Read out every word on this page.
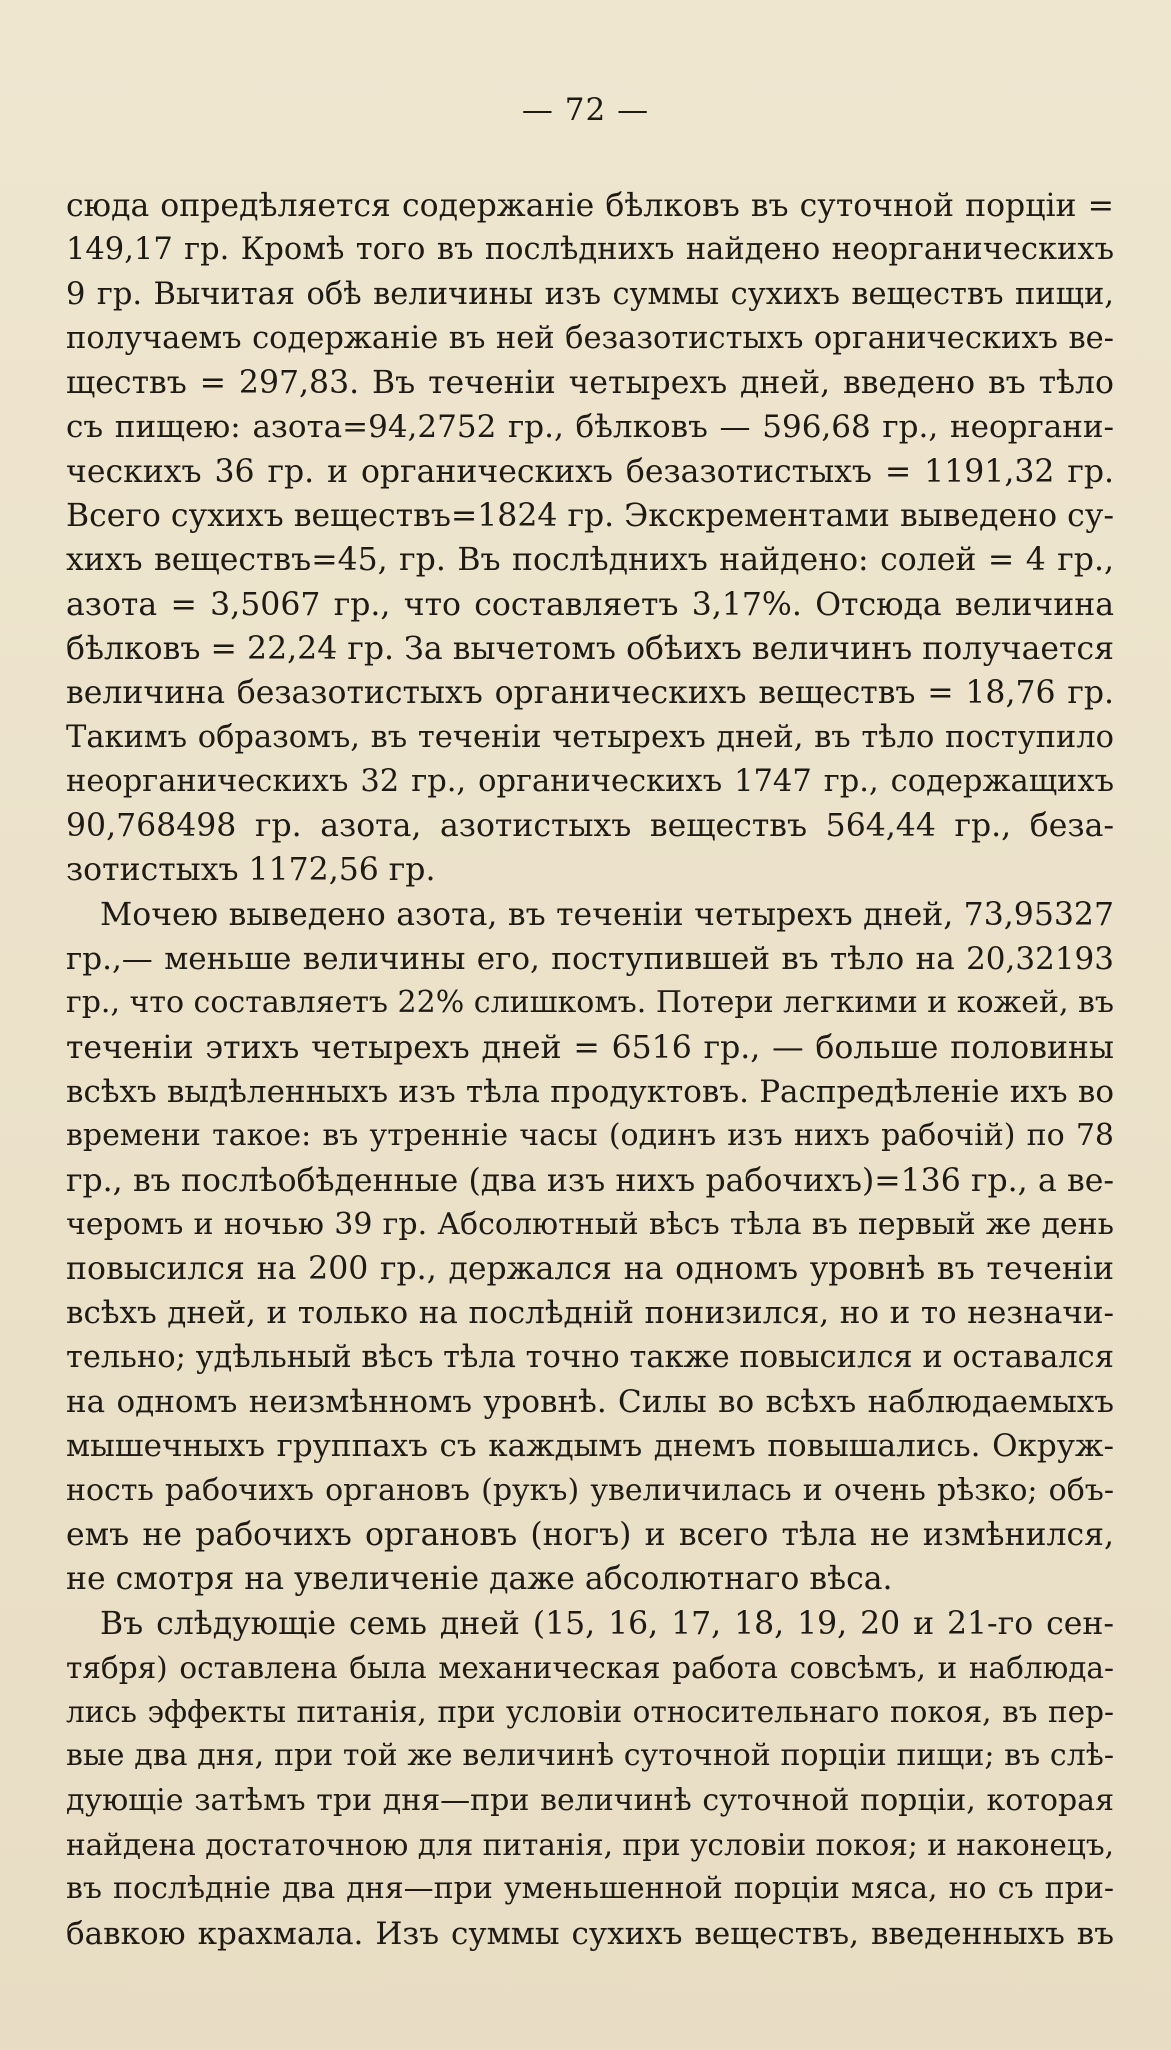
— 72 —
сюда опредѣляется содержаніе бѣлковъ въ суточной порціи =
149,17 гр. Кромѣ того въ послѣднихъ найдено неорганическихъ
9 гр. Вычитая обѣ величины изъ суммы сухихъ веществъ пищи,
получаемъ содержаніе въ ней безазотистыхъ органическихъ ве-
ществъ = 297,83. Въ теченіи четырехъ дней, введено въ тѣло
съ пищею: азота=94,2752 гр., бѣлковъ — 596,68 гр., неоргани-
ческихъ 36 гр. и органическихъ безазотистыхъ = 1191,32 гр.
Всего сухихъ веществъ=1824 гр. Экскрементами выведено су-
хихъ веществъ=45, гр. Въ послѣднихъ найдено: солей = 4 гр.,
азота = 3,5067 гр., что составляетъ 3,17%. Отсюда величина
бѣлковъ = 22,24 гр. За вычетомъ обѣихъ величинъ получается
величина безазотистыхъ органическихъ веществъ = 18,76 гр.
Такимъ образомъ, въ теченіи четырехъ дней, въ тѣло поступило
неорганическихъ 32 гр., органическихъ 1747 гр., содержащихъ
90,768498 гр. азота, азотистыхъ веществъ 564,44 гр., беза-
зотистыхъ 1172,56 гр.
Мочею выведено азота, въ теченіи четырехъ дней, 73,95327
гр.,— меньше величины его, поступившей въ тѣло на 20,32193
гр., что составляетъ 22% слишкомъ. Потери легкими и кожей, въ
теченіи этихъ четырехъ дней = 6516 гр., — больше половины
всѣхъ выдѣленныхъ изъ тѣла продуктовъ. Распредѣленіе ихъ во
времени такое: въ утренніе часы (одинъ изъ нихъ рабочій) по 78
гр., въ послѣобѣденные (два изъ нихъ рабочихъ)=136 гр., а ве-
черомъ и ночью 39 гр. Абсолютный вѣсъ тѣла въ первый же день
повысился на 200 гр., держался на одномъ уровнѣ въ теченіи
всѣхъ дней, и только на послѣдній понизился, но и то незначи-
тельно; удѣльный вѣсъ тѣла точно также повысился и оставался
на одномъ неизмѣнномъ уровнѣ. Силы во всѣхъ наблюдаемыхъ
мышечныхъ группахъ съ каждымъ днемъ повышались. Окруж-
ность рабочихъ органовъ (рукъ) увеличилась и очень рѣзко; объ-
емъ не рабочихъ органовъ (ногъ) и всего тѣла не измѣнился,
не смотря на увеличеніе даже абсолютнаго вѣса.
Въ слѣдующіе семь дней (15, 16, 17, 18, 19, 20 и 21-го сен-
тября) оставлена была механическая работа совсѣмъ, и наблюда-
лись эффекты питанія, при условіи относительнаго покоя, въ пер-
вые два дня, при той же величинѣ суточной порціи пищи; въ слѣ-
дующіе затѣмъ три дня—при величинѣ суточной порціи, которая
найдена достаточною для питанія, при условіи покоя; и наконецъ,
въ послѣдніе два дня—при уменьшенной порціи мяса, но съ при-
бавкою крахмала. Изъ суммы сухихъ веществъ, введенныхъ въ
